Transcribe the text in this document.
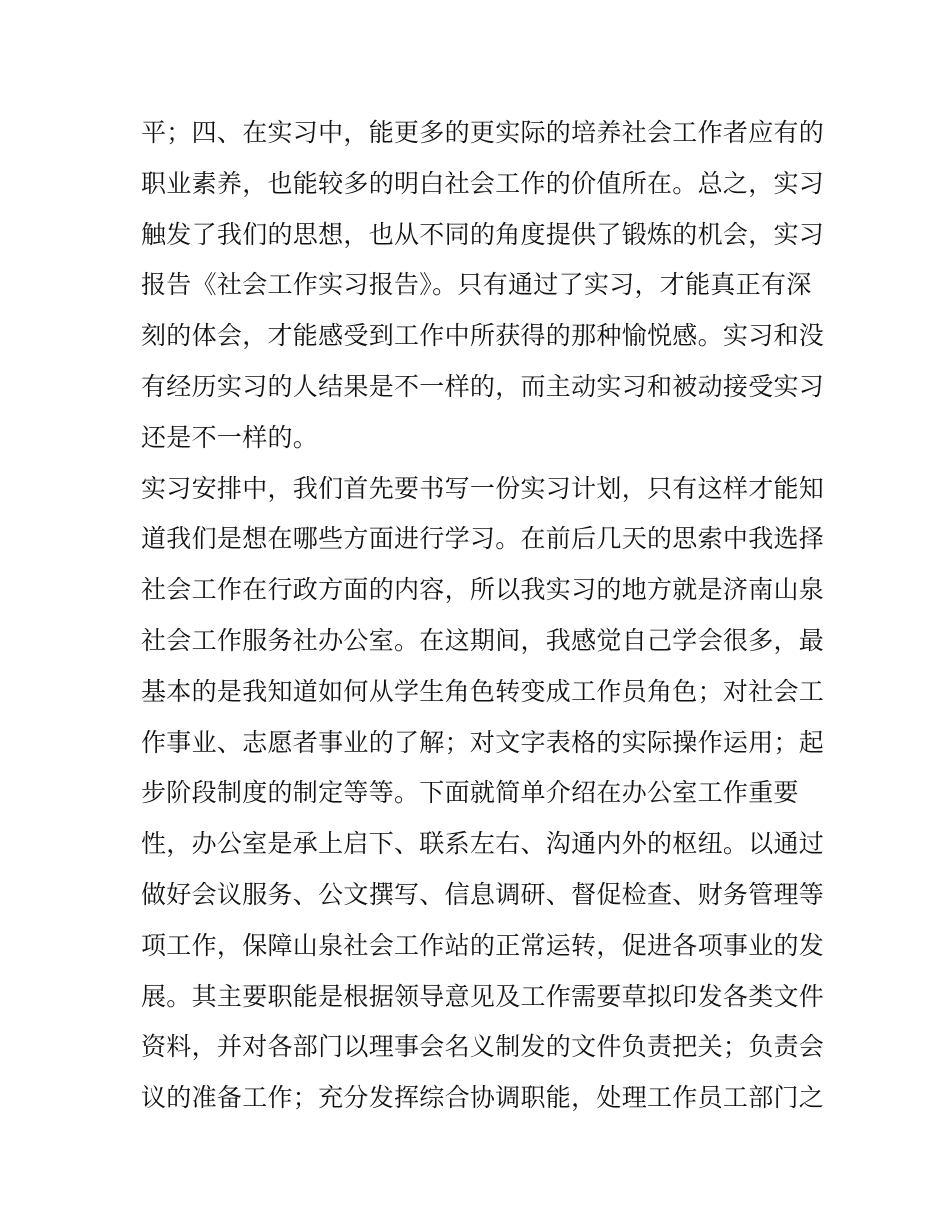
平；四、在实习中，能更多的更实际的培养社会工作者应有的
职业素养，也能较多的明白社会工作的价值所在。总之，实习
触发了我们的思想，也从不同的角度提供了锻炼的机会，实习
报告《社会工作实习报告》。只有通过了实习，才能真正有深
刻的体会，才能感受到工作中所获得的那种愉悦感。实习和没
有经历实习的人结果是不一样的，而主动实习和被动接受实习
还是不一样的。
实习安排中，我们首先要书写一份实习计划，只有这样才能知
道我们是想在哪些方面进行学习。在前后几天的思索中我选择
社会工作在行政方面的内容，所以我实习的地方就是济南山泉
社会工作服务社办公室。在这期间，我感觉自己学会很多，最
基本的是我知道如何从学生角色转变成工作员角色；对社会工
作事业、志愿者事业的了解；对文字表格的实际操作运用；起
步阶段制度的制定等等。下面就简单介绍在办公室工作重要
性，办公室是承上启下、联系左右、沟通内外的枢纽。以通过
做好会议服务、公文撰写、信息调研、督促检查、财务管理等
项工作，保障山泉社会工作站的正常运转，促进各项事业的发
展。其主要职能是根据领导意见及工作需要草拟印发各类文件
资料，并对各部门以理事会名义制发的文件负责把关；负责会
议的准备工作；充分发挥综合协调职能，处理工作员工部门之
